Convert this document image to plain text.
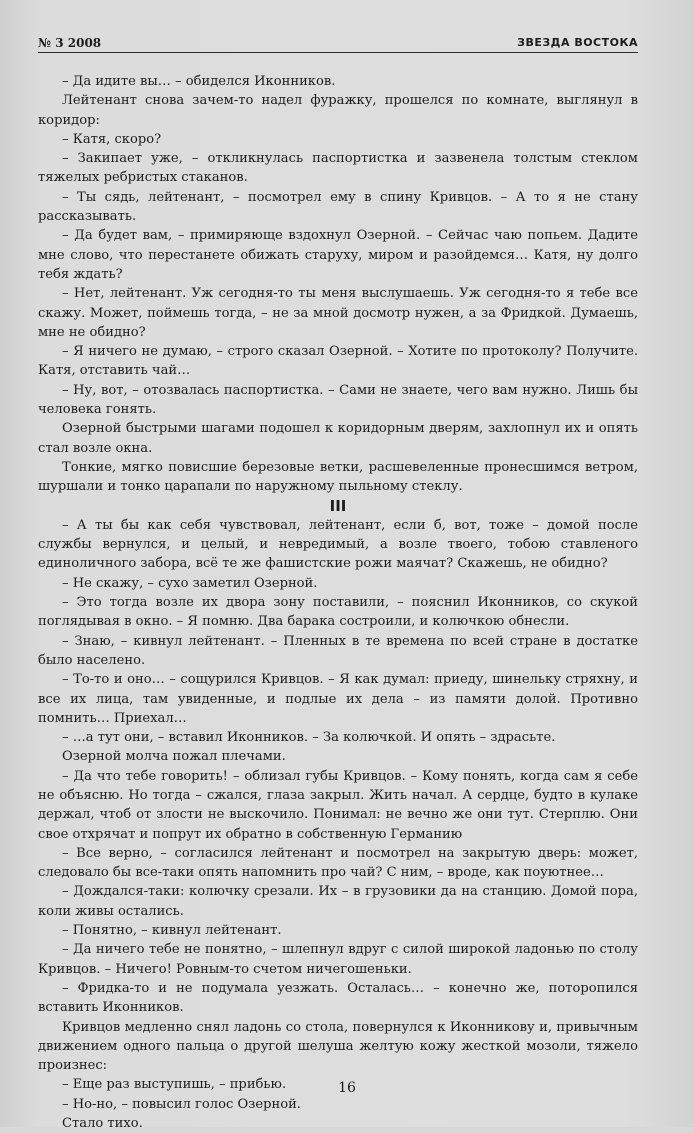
№ 3 2008	ЗВЕЗДА ВОСТОКА

– Да идите вы… – обиделся Иконников.

Лейтенант снова зачем-то надел фуражку, прошелся по комнате, выглянул в коридор:

– Катя, скоро?

– Закипает уже, – откликнулась паспортистка и зазвенела толстым стеклом тяжелых ребристых стаканов.

– Ты сядь, лейтенант, – посмотрел ему в спину Кривцов. – А то я не стану рассказывать.

– Да будет вам, – примиряюще вздохнул Озерной. – Сейчас чаю попьем. Дадите мне слово, что перестанете обижать старуху, миром и разойдемся… Катя, ну долго тебя ждать?

– Нет, лейтенант. Уж сегодня-то ты меня выслушаешь. Уж сегодня-то я тебе все скажу. Может, поймешь тогда, – не за мной досмотр нужен, а за Фридкой. Думаешь, мне не обидно?

– Я ничего не думаю, – строго сказал Озерной. – Хотите по протоколу? Получите. Катя, отставить чай…

– Ну, вот, – отозвалась паспортистка. – Сами не знаете, чего вам нужно. Лишь бы человека гонять.

Озерной быстрыми шагами подошел к коридорным дверям, захлопнул их и опять стал возле окна.

Тонкие, мягко повисшие березовые ветки, расшевеленные пронесшимся ветром, шуршали и тонко царапали по наружному пыльному стеклу.

III

– А ты бы как себя чувствовал, лейтенант, если б, вот, тоже – домой после службы вернулся, и целый, и невредимый, а возле твоего, тобою ставленого единоличного забора, всё те же фашистские рожи маячат? Скажешь, не обидно?

– Не скажу, – сухо заметил Озерной.

– Это тогда возле их двора зону поставили, – пояснил Иконников, со скукой поглядывая в окно. – Я помню. Два барака состроили, и колючкою обнесли.

– Знаю, – кивнул лейтенант. – Пленных в те времена по всей стране в достатке было населено.

– То-то и оно… – сощурился Кривцов. – Я как думал: приеду, шинельку стряхну, и все их лица, там увиденные, и подлые их дела – из памяти долой. Противно помнить… Приехал…

– …а тут они, – вставил Иконников. – За колючкой. И опять – здрасьте.

Озерной молча пожал плечами.

– Да что тебе говорить! – облизал губы Кривцов. – Кому понять, когда сам я себе не объясню. Но тогда – сжался, глаза закрыл. Жить начал. А сердце, будто в кулаке держал, чтоб от злости не выскочило. Понимал: не вечно же они тут. Стерплю. Они свое отхрячат и попрут их обратно в собственную Германию

– Все верно, – согласился лейтенант и посмотрел на закрытую дверь: может, следовало бы все-таки опять напомнить про чай? С ним, – вроде, как поуютнее…

– Дождался-таки: колючку срезали. Их – в грузовики да на станцию. Домой пора, коли живы остались.

– Понятно, – кивнул лейтенант.

– Да ничего тебе не понятно, – шлепнул вдруг с силой широкой ладонью по столу Кривцов. – Ничего! Ровным-то счетом ничегошеньки.

– Фридка-то и не подумала уезжать. Осталась… – конечно же, поторопился вставить Иконников.

Кривцов медленно снял ладонь со стола, повернулся к Иконникову и, привычным движением одного пальца о другой шелуша желтую кожу жесткой мозоли, тяжело произнес:

– Еще раз выступишь, – прибью.

– Но-но, – повысил голос Озерной.

Стало тихо.

16
